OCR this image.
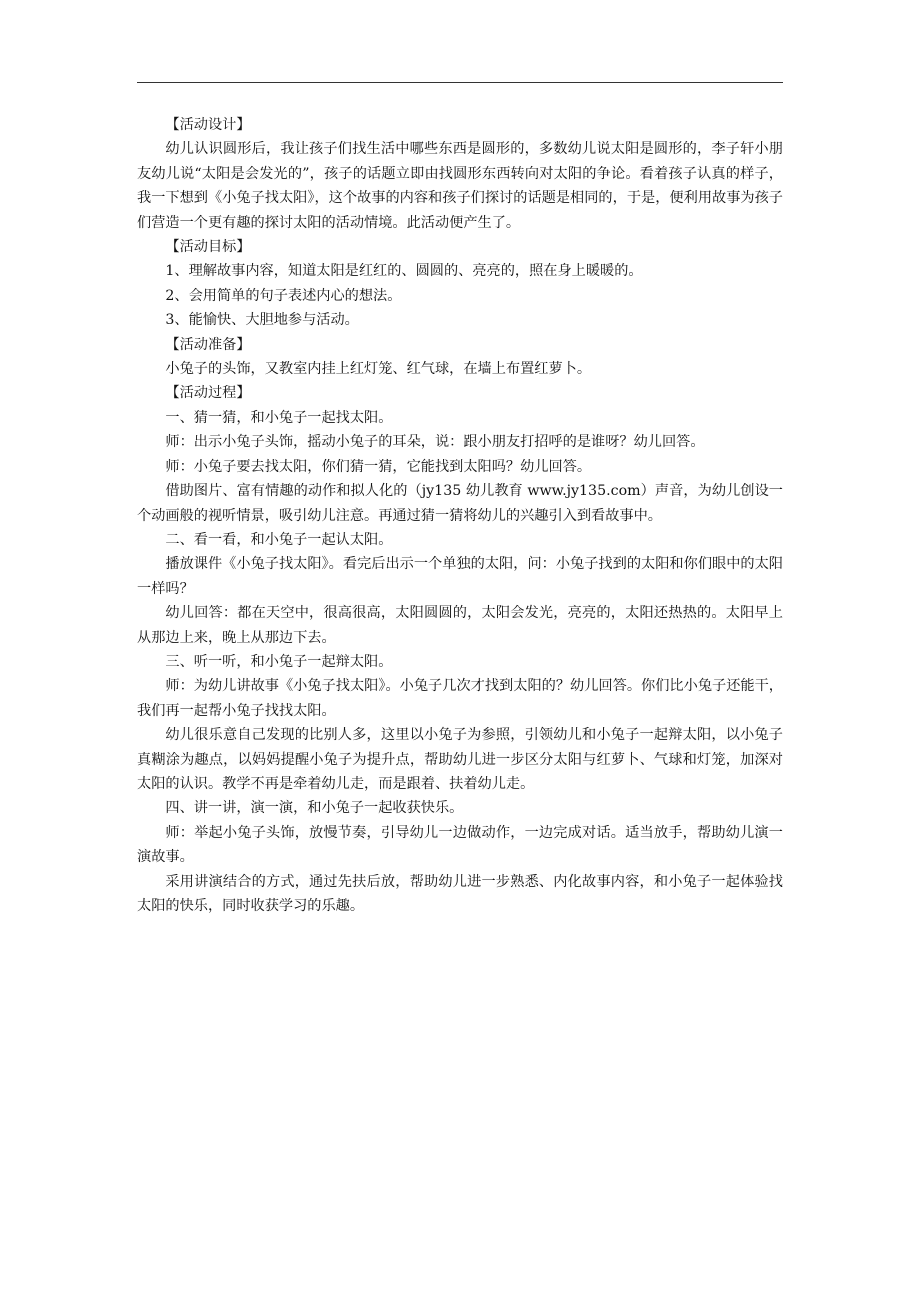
【活动设计】

幼儿认识圆形后，我让孩子们找生活中哪些东西是圆形的，多数幼儿说太阳是圆形的，李子轩小朋友幼儿说“太阳是会发光的”，孩子的话题立即由找圆形东西转向对太阳的争论。看着孩子认真的样子，我一下想到《小兔子找太阳》，这个故事的内容和孩子们探讨的话题是相同的，于是，便利用故事为孩子们营造一个更有趣的探讨太阳的活动情境。此活动便产生了。

【活动目标】

1、理解故事内容，知道太阳是红红的、圆圆的、亮亮的，照在身上暖暖的。

2、会用简单的句子表述内心的想法。

3、能愉快、大胆地参与活动。

【活动准备】

小兔子的头饰，又教室内挂上红灯笼、红气球，在墙上布置红萝卜。

【活动过程】

一、猜一猜，和小兔子一起找太阳。

师：出示小兔子头饰，摇动小兔子的耳朵，说：跟小朋友打招呼的是谁呀？幼儿回答。

师：小兔子要去找太阳，你们猜一猜，它能找到太阳吗？幼儿回答。

借助图片、富有情趣的动作和拟人化的（jy135 幼儿教育 www.jy135.com）声音，为幼儿创设一个动画般的视听情景，吸引幼儿注意。再通过猜一猜将幼儿的兴趣引入到看故事中。

二、看一看，和小兔子一起认太阳。

播放课件《小兔子找太阳》。看完后出示一个单独的太阳，问：小兔子找到的太阳和你们眼中的太阳一样吗？

幼儿回答：都在天空中，很高很高，太阳圆圆的，太阳会发光，亮亮的，太阳还热热的。太阳早上从那边上来，晚上从那边下去。

三、听一听，和小兔子一起辩太阳。

师：为幼儿讲故事《小兔子找太阳》。小兔子几次才找到太阳的？幼儿回答。你们比小兔子还能干，我们再一起帮小兔子找找太阳。

幼儿很乐意自己发现的比别人多，这里以小兔子为参照，引领幼儿和小兔子一起辩太阳，以小兔子真糊涂为趣点，以妈妈提醒小兔子为提升点，帮助幼儿进一步区分太阳与红萝卜、气球和灯笼，加深对太阳的认识。教学不再是牵着幼儿走，而是跟着、扶着幼儿走。

四、讲一讲，演一演，和小兔子一起收获快乐。

师：举起小兔子头饰，放慢节奏，引导幼儿一边做动作，一边完成对话。适当放手，帮助幼儿演一演故事。

采用讲演结合的方式，通过先扶后放，帮助幼儿进一步熟悉、内化故事内容，和小兔子一起体验找太阳的快乐，同时收获学习的乐趣。
